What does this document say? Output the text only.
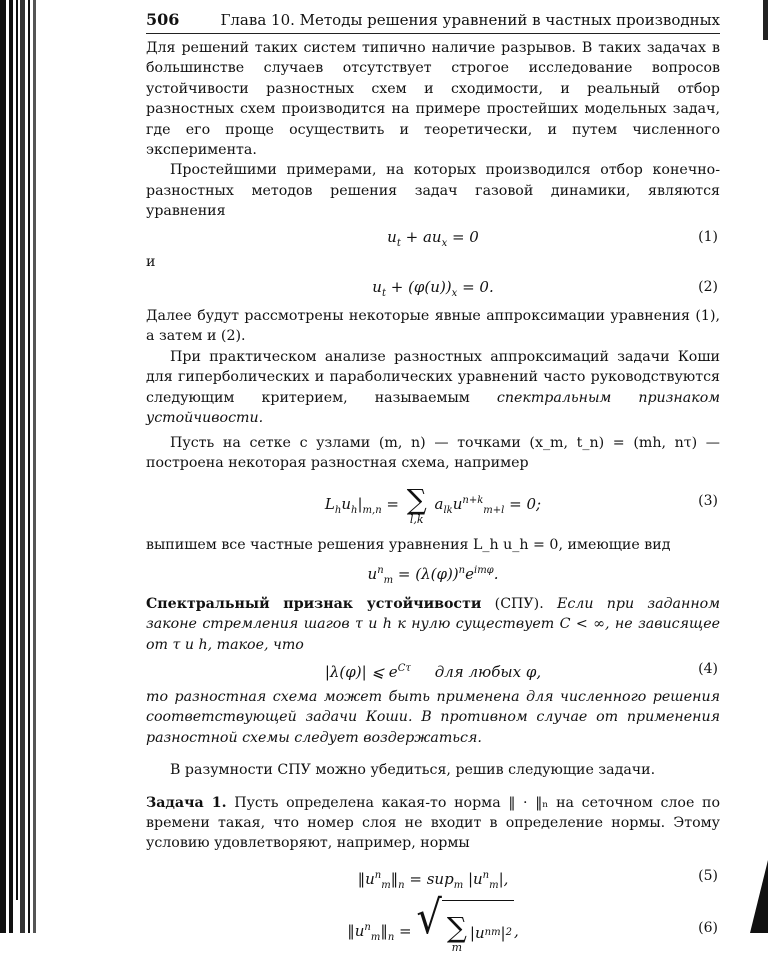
506	Глава 10. Методы решения уравнений в частных производных

Для решений таких систем типично наличие разрывов. В таких задачах в большинстве случаев отсутствует строгое исследование вопросов устойчивости разностных схем и сходимости, и реальный отбор разностных схем производится на примере простейших модельных задач, где его проще осуществить и теоретически, и путем численного эксперимента.

Простейшими примерами, на которых производился отбор конечно-разностных методов решения задач газовой динамики, являются уравнения

$u_t + au_x = 0$	(1)

и

$u_t + (\varphi(u))_x = 0$.	(2)

Далее будут рассмотрены некоторые явные аппроксимации уравнения (1), а затем и (2).

При практическом анализе разностных аппроксимаций задачи Коши для гиперболических и параболических уравнений часто руководствуются следующим критерием, называемым спектральным признаком устойчивости.

Пусть на сетке с узлами (m, n) — точками (x_m, t_n) = (mh, nτ) — построена некоторая разностная схема, например

$L_hu_h|_{m,n}$ = ∑
l,k
$a_{lk}u^{n+k}_{m+l} = 0$;	(3)

выпишем все частные решения уравнения L_h u_h = 0, имеющие вид

$u^n_m = (\lambda(\varphi))^ne^{im\varphi}$.

Спектральный признак устойчивости (СПУ). Если при заданном законе стремления шагов τ и h к нулю существует C < ∞, не зависящее от τ и h, такое, что

|λ(φ)| ⩽ $e^{C\tau}$ для любых φ,	(4)

то разностная схема может быть применена для численного решения соответствующей задачи Коши. В противном случае от применения разностной схемы следует воздержаться.

В разумности СПУ можно убедиться, решив следующие задачи.

Задача 1. Пусть определена какая-то норма ‖ · ‖ₙ на сеточном слое по времени такая, что номер слоя не входит в определение нормы. Этому условию удовлетворяют, например, нормы

$‖u^n_m‖_n = sup_m$ $|u^n_m|$,	(5)
$‖u^n_m‖_n$ = √ ∑
m
|u n m | 2 ,	(6)
